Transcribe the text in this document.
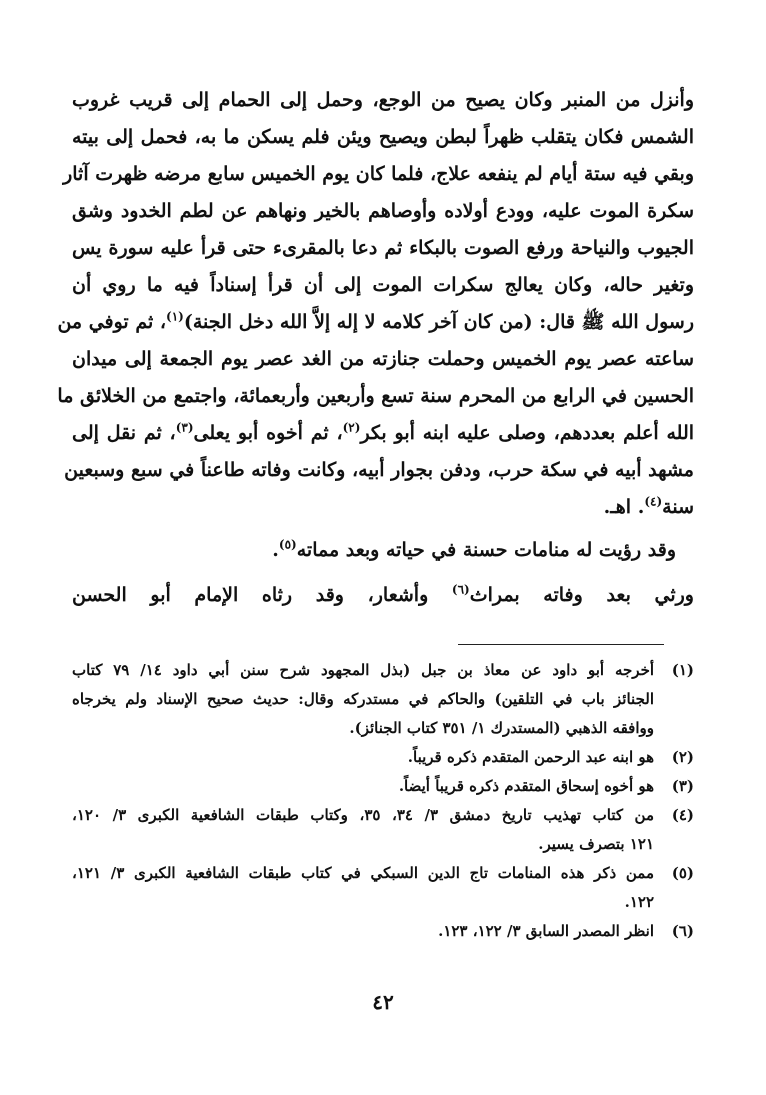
وأنزل من المنبر وكان يصيح من الوجع، وحمل إلى الحمام إلى قريب غروب
الشمس فكان يتقلب ظهراً لبطن ويصيح ويئن فلم يسكن ما به، فحمل إلى بيته
وبقي فيه ستة أيام لم ينفعه علاج، فلما كان يوم الخميس سابع مرضه ظهرت آثار
سكرة الموت عليه، وودع أولاده وأوصاهم بالخير ونهاهم عن لطم الخدود وشق
الجيوب والنياحة ورفع الصوت بالبكاء ثم دعا بالمقرىء حتى قرأ عليه سورة يس
وتغير حاله، وكان يعالج سكرات الموت إلى أن قرأ إسناداً فيه ما روي أن
رسول الله ﷺ قال: (من كان آخر كلامه لا إله إلاَّ الله دخل الجنة)$^{(١)}$، ثم توفي من
ساعته عصر يوم الخميس وحملت جنازته من الغد عصر يوم الجمعة إلى ميدان
الحسين في الرابع من المحرم سنة تسع وأربعين وأربعمائة، واجتمع من الخلائق ما
الله أعلم بعددهم، وصلى عليه ابنه أبو بكر$^{(٢)}$، ثم أخوه أبو يعلى$^{(٣)}$، ثم نقل إلى
مشهد أبيه في سكة حرب، ودفن بجوار أبيه، وكانت وفاته طاعناً في سبع وسبعين
سنة$^{(٤)}$. اهـ.
وقد رؤيت له منامات حسنة في حياته وبعد مماته$^{(٥)}$.
ورثي بعد وفاته بمراث$^{(٦)}$ وأشعار، وقد رثاه الإمام أبو الحسن
(١)
أخرجه أبو داود عن معاذ بن جبل (بذل المجهود شرح سنن أبي داود ١٤/ ٧٩ كتاب
الجنائز باب في التلقين) والحاكم في مستدركه وقال: حديث صحيح الإسناد ولم يخرجاه
ووافقه الذهبي (المستدرك ١/ ٣٥١ كتاب الجنائز).
(٢)
هو ابنه عبد الرحمن المتقدم ذكره قريباً.
(٣)
هو أخوه إسحاق المتقدم ذكره قريباً أيضاً.
(٤)
من كتاب تهذيب تاريخ دمشق ٣/ ٣٤، ٣٥، وكتاب طبقات الشافعية الكبرى ٣/ ١٢٠،
١٢١ بتصرف يسير.
(٥)
ممن ذكر هذه المنامات تاج الدين السبكي في كتاب طبقات الشافعية الكبرى ٣/ ١٢١،
١٢٢.
(٦)
انظر المصدر السابق ٣/ ١٢٢، ١٢٣.
٤٢
